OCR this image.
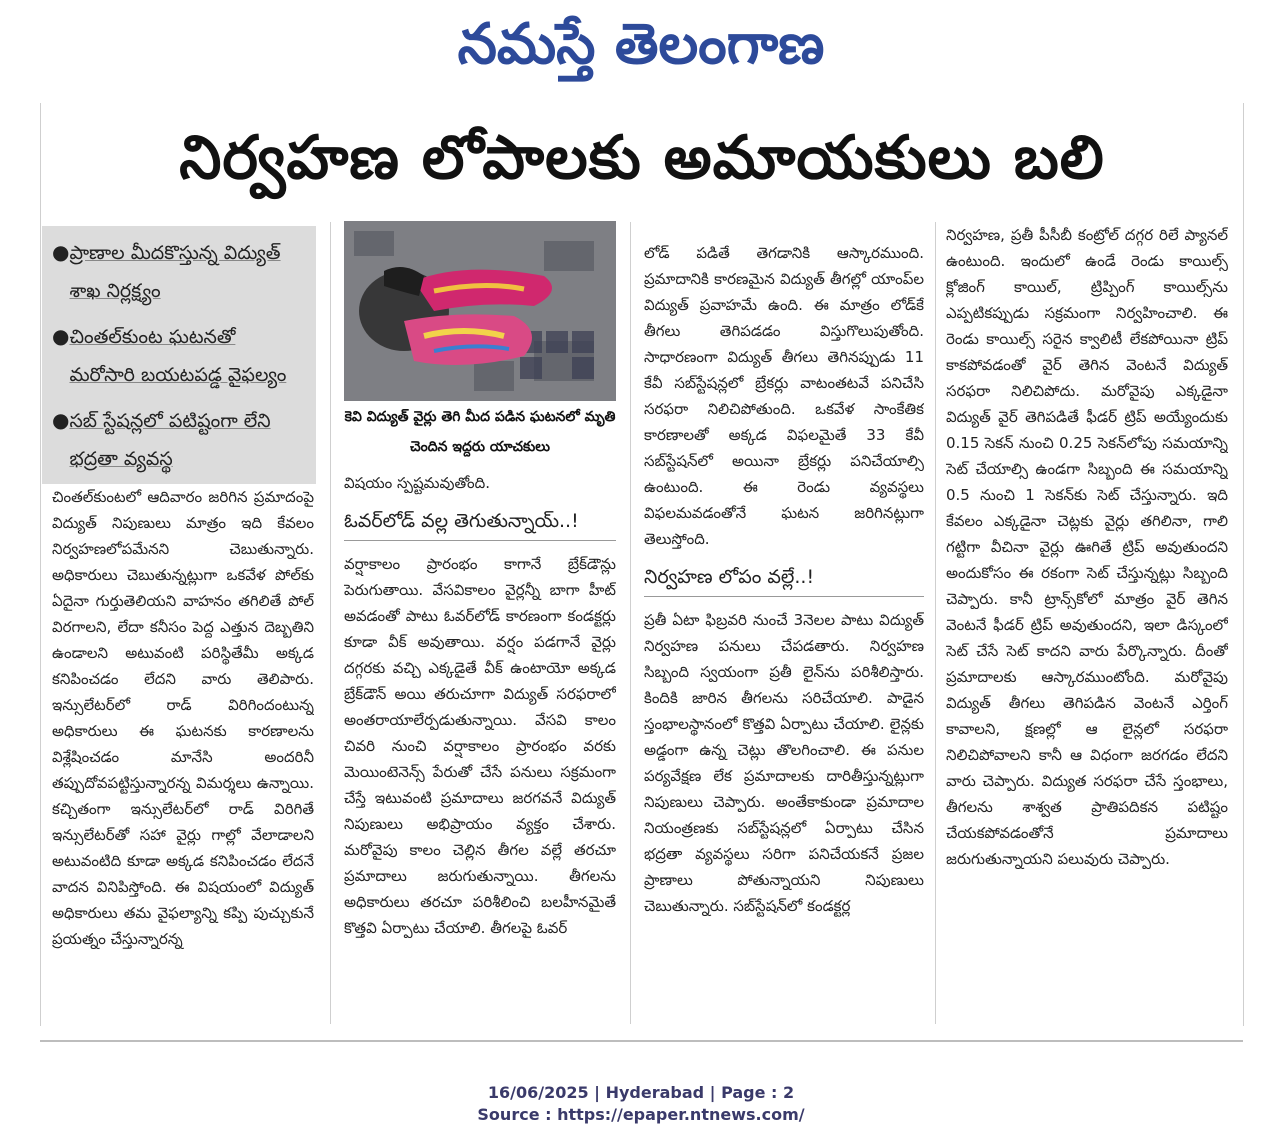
నమస్తే తెలంగాణ
నిర్వహణ లోపాలకు అమాయకులు బలి
● ప్రాణాల మీదకొస్తున్న విద్యుత్‌ శాఖ నిర్లక్ష్యం
● చింతల్‌కుంట ఘటనతో మరోసారి బయటపడ్డ వైఫల్యం
● సబ్‌ స్టేషన్లలో పటిష్టంగా లేని భద్రతా వ్యవస్థ
కెవి విద్యుత్‌ వైర్లు తెగి మీద పడిన ఘటనలో మృతి చెందిన ఇద్దరు యాచకులు

చింతల్‌కుంటలో ఆదివారం జరిగిన ప్రమాదంపై విద్యుత్‌ నిపుణులు మాత్రం ఇది కేవలం నిర్వహణలోపమేనని చెబుతున్నారు. అధికారులు చెబుతున్నట్లుగా ఒకవేళ పోల్‌కు ఏదైనా గుర్తుతెలియని వాహనం తగిలితే పోల్‌ విరగాలని, లేదా కనీసం పెద్ద ఎత్తున దెబ్బతిని ఉండాలని అటువంటి పరిస్థితేమీ అక్కడ కనిపించడం లేదని వారు తెలిపారు. ఇన్సులేటర్‌లో రాడ్‌ విరిగిందంటున్న అధికారులు ఈ ఘటనకు కారణాలను విశ్లేషించడం మానేసి అందరినీ తప్పుదోవపట్టిస్తున్నారన్న విమర్శలు ఉన్నాయి. కచ్చితంగా ఇన్సులేటర్‌లో రాడ్‌ విరిగితే ఇన్సులేటర్‌తో సహా వైర్లు గాల్లో వేలాడాలని అటువంటిది కూడా అక్కడ కనిపించడం లేదనే వాదన వినిపిస్తోంది. ఈ విషయంలో విద్యుత్‌ అధికారులు తమ వైఫల్యాన్ని కప్పి పుచ్చుకునే ప్రయత్నం చేస్తున్నారన్న

విషయం స్పష్టమవుతోంది.

ఓవర్‌లోడ్‌ వల్ల తెగుతున్నాయ్‌..!

వర్షాకాలం ప్రారంభం కాగానే బ్రేక్‌డౌన్లు పెరుగుతాయి. వేసవికాలం వైర్లన్నీ బాగా హీట్‌ అవడంతో పాటు ఓవర్‌లోడ్‌ కారణంగా కండక్టర్లు కూడా వీక్‌ అవుతాయి. వర్షం పడగానే వైర్లు దగ్గరకు వచ్చి ఎక్కడైతే వీక్‌ ఉంటాయో అక్కడ బ్రేక్‌డౌన్‌ అయి తరుచూగా విద్యుత్‌ సరఫరాలో అంతరాయాలేర్పడుతున్నాయి. వేసవి కాలం చివరి నుంచి వర్షాకాలం ప్రారంభం వరకు మెయింటెనెన్స్‌ పేరుతో చేసే పనులు సక్రమంగా చేస్తే ఇటువంటి ప్రమాదాలు జరగవనే విద్యుత్‌ నిపుణులు అభిప్రాయం వ్యక్తం చేశారు. మరోవైపు కాలం చెల్లిన తీగల వల్లే తరచూ ప్రమాదాలు జరుగుతున్నాయి. తీగలను అధికారులు తరచూ పరిశీలించి బలహీనమైతే కొత్తవి ఏర్పాటు చేయాలి. తీగలపై ఓవర్‌

లోడ్‌ పడితే తెగడానికి ఆస్కారముంది. ప్రమాదానికి కారణమైన విద్యుత్‌ తీగల్లో యాంప్‌ల విద్యుత్‌ ప్రవాహమే ఉంది. ఈ మాత్రం లోడ్‌కే తీగలు తెగిపడడం విస్తుగొలుపుతోంది. సాధారణంగా విద్యుత్‌ తీగలు తెగినప్పుడు 11 కేవీ సబ్‌స్టేషన్లలో బ్రేకర్లు వాటంతటవే పనిచేసి సరఫరా నిలిచిపోతుంది. ఒకవేళ సాంకేతిక కారణాలతో అక్కడ విఫలమైతే 33 కేవీ సబ్‌స్టేషన్‌లో అయినా బ్రేకర్లు పనిచేయాల్సి ఉంటుంది. ఈ రెండు వ్యవస్థలు విఫలమవడంతోనే ఘటన జరిగినట్లుగా తెలుస్తోంది.

నిర్వహణ లోపం వల్లే..!

ప్రతీ ఏటా ఫిబ్రవరి నుంచే 3నెలల పాటు విద్యుత్‌ నిర్వహణ పనులు చేపడతారు. నిర్వహణ సిబ్బంది స్వయంగా ప్రతీ లైన్‌ను పరిశీలిస్తారు. కిందికి జారిన తీగలను సరిచేయాలి. పాడైన స్తంభాలస్థానంలో కొత్తవి ఏర్పాటు చేయాలి. లైన్లకు అడ్డంగా ఉన్న చెట్లు తొలగించాలి. ఈ పనుల పర్యవేక్షణ లేక ప్రమాదాలకు దారితీస్తున్నట్లుగా నిపుణులు చెప్పారు. అంతేకాకుండా ప్రమాదాల నియంత్రణకు సబ్‌స్టేషన్లలో ఏర్పాటు చేసిన భద్రతా వ్యవస్థలు సరిగా పనిచేయకనే ప్రజల ప్రాణాలు పోతున్నాయని నిపుణులు చెబుతున్నారు. సబ్‌స్టేషన్‌లో కండక్టర్ల

నిర్వహణ, ప్రతీ పీసీబీ కంట్రోల్‌ దగ్గర రిలే ప్యానల్‌ ఉంటుంది. ఇందులో ఉండే రెండు కాయిల్స్‌ క్లోజింగ్‌ కాయిల్‌, ట్రిప్పింగ్‌ కాయిల్స్‌ను ఎప్పటికప్పుడు సక్రమంగా నిర్వహించాలి. ఈ రెండు కాయిల్స్‌ సరైన క్వాలిటీ లేకపోయినా ట్రిప్‌ కాకపోవడంతో వైర్‌ తెగిన వెంటనే విద్యుత్‌ సరఫరా నిలిచిపోదు. మరోవైపు ఎక్కడైనా విద్యుత్‌ వైర్‌ తెగిపడితే ఫీడర్‌ ట్రిప్‌ అయ్యేందుకు 0.15 సెకన్‌ నుంచి 0.25 సెకన్‌లోపు సమయాన్ని సెట్‌ చేయాల్సి ఉండగా సిబ్బంది ఈ సమయాన్ని 0.5 నుంచి 1 సెకన్‌కు సెట్‌ చేస్తున్నారు. ఇది కేవలం ఎక్కడైనా చెట్లకు వైర్లు తగిలినా, గాలి గట్టిగా వీచినా వైర్లు ఊగితే ట్రిప్‌ అవుతుందని అందుకోసం ఈ రకంగా సెట్‌ చేస్తున్నట్లు సిబ్బంది చెప్పారు. కానీ ట్రాన్స్‌కోలో మాత్రం వైర్‌ తెగిన వెంటనే ఫీడర్‌ ట్రిప్‌ అవుతుందని, ఇలా డిస్కంలో సెట్‌ చేసే సెట్‌ కాదని వారు పేర్కొన్నారు. దీంతో ప్రమాదాలకు ఆస్కారముంటోంది. మరోవైపు విద్యుత్‌ తీగలు తెగిపడిన వెంటనే ఎర్తింగ్‌ కావాలని, క్షణల్లో ఆ లైన్లలో సరఫరా నిలిచిపోవాలని కానీ ఆ విధంగా జరగడం లేదని వారు చెప్పారు. విద్యుత సరఫరా చేసే స్తంభాలు, తీగలను శాశ్వత ప్రాతిపదికన పటిష్టం చేయకపోవడంతోనే ప్రమాదాలు జరుగుతున్నాయని పలువురు చెప్పారు.

16/06/2025 | Hyderabad | Page : 2
Source : https://epaper.ntnews.com/
